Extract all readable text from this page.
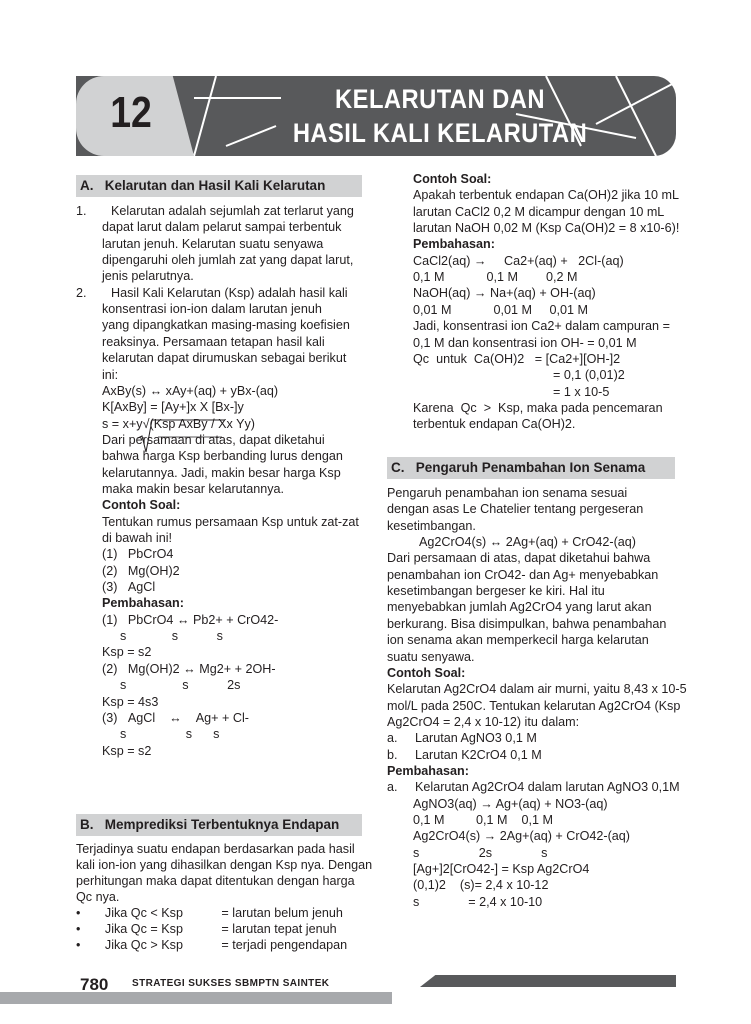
12	KELARUTAN DAN
HASIL KALI KELARUTAN
A.   Kelarutan dan Hasil Kali Kelarutan
1.       Kelarutan adalah sejumlah zat terlarut yang
dapat larut dalam pelarut sampai terbentuk
larutan jenuh. Kelarutan suatu senyawa
dipengaruhi oleh jumlah zat yang dapat larut,
jenis pelarutnya.
2.       Hasil Kali Kelarutan (Ksp) adalah hasil kali
konsentrasi ion-ion dalam larutan jenuh
yang dipangkatkan masing-masing koefisien
reaksinya. Persamaan tetapan hasil kali
kelarutan dapat dirumuskan sebagai berikut
ini:
AxBy(s) ↔ xAy+(aq) + yBx-(aq)
K[AxBy] = [Ay+]x X [Bx-]y
s = x+y√(Ksp AxBy / Xx Yy)
Dari persamaan di atas, dapat diketahui
bahwa harga Ksp berbanding lurus dengan
kelarutannya. Jadi, makin besar harga Ksp
maka makin besar kelarutannya.
Contoh Soal:
Tentukan rumus persamaan Ksp untuk zat-zat
di bawah ini!
(1)   PbCrO4
(2)   Mg(OH)2
(3)   AgCl
Pembahasan:
(1)   PbCrO4 ↔ Pb2+ + CrO42-
s             s           s
Ksp = s2
(2)   Mg(OH)2 ↔ Mg2+ + 2OH-
s                s           2s
Ksp = 4s3
(3)   AgCl    ↔    Ag+ + Cl-
s                 s      s
Ksp = s2
B.   Memprediksi Terbentuknya Endapan
Terjadinya suatu endapan berdasarkan pada hasil
kali ion-ion yang dihasilkan dengan Ksp nya. Dengan
perhitungan maka dapat ditentukan dengan harga
Qc nya.
•       Jika Qc < Ksp           = larutan belum jenuh
•       Jika Qc = Ksp           = larutan tepat jenuh
•       Jika Qc > Ksp           = terjadi pengendapan
Contoh Soal:
Apakah terbentuk endapan Ca(OH)2 jika 10 mL
larutan CaCl2 0,2 M dicampur dengan 10 mL
larutan NaOH 0,02 M (Ksp Ca(OH)2 = 8 x10-6)!
Pembahasan:
CaCl2(aq) →     Ca2+(aq) +   2Cl-(aq)
0,1 M            0,1 M        0,2 M
NaOH(aq) → Na+(aq) + OH-(aq)
0,01 M            0,01 M     0,01 M
Jadi, konsentrasi ion Ca2+ dalam campuran =
0,1 M dan konsentrasi ion OH- = 0,01 M
Qc  untuk  Ca(OH)2   = [Ca2+][OH-]2
= 0,1 (0,01)2
= 1 x 10-5
Karena  Qc  >  Ksp, maka pada pencemaran
terbentuk endapan Ca(OH)2.
C.   Pengaruh Penambahan Ion Senama
Pengaruh penambahan ion senama sesuai
dengan asas Le Chatelier tentang pergeseran
kesetimbangan.
Ag2CrO4(s) ↔ 2Ag+(aq) + CrO42-(aq)
Dari persamaan di atas, dapat diketahui bahwa
penambahan ion CrO42- dan Ag+ menyebabkan
kesetimbangan bergeser ke kiri. Hal itu
menyebabkan jumlah Ag2CrO4 yang larut akan
berkurang. Bisa disimpulkan, bahwa penambahan
ion senama akan memperkecil harga kelarutan
suatu senyawa.
Contoh Soal:
Kelarutan Ag2CrO4 dalam air murni, yaitu 8,43 x 10-5
mol/L pada 250C. Tentukan kelarutan Ag2CrO4 (Ksp
Ag2CrO4 = 2,4 x 10-12) itu dalam:
a.     Larutan AgNO3 0,1 M
b.     Larutan K2CrO4 0,1 M
Pembahasan:
a.     Kelarutan Ag2CrO4 dalam larutan AgNO3 0,1M
AgNO3(aq) → Ag+(aq) + NO3-(aq)
0,1 M         0,1 M    0,1 M
Ag2CrO4(s) → 2Ag+(aq) + CrO42-(aq)
s                 2s              s
[Ag+]2[CrO42-] = Ksp Ag2CrO4
(0,1)2    (s)= 2,4 x 10-12
s              = 2,4 x 10-10
780 STRATEGI SUKSES SBMPTN SAINTEK
